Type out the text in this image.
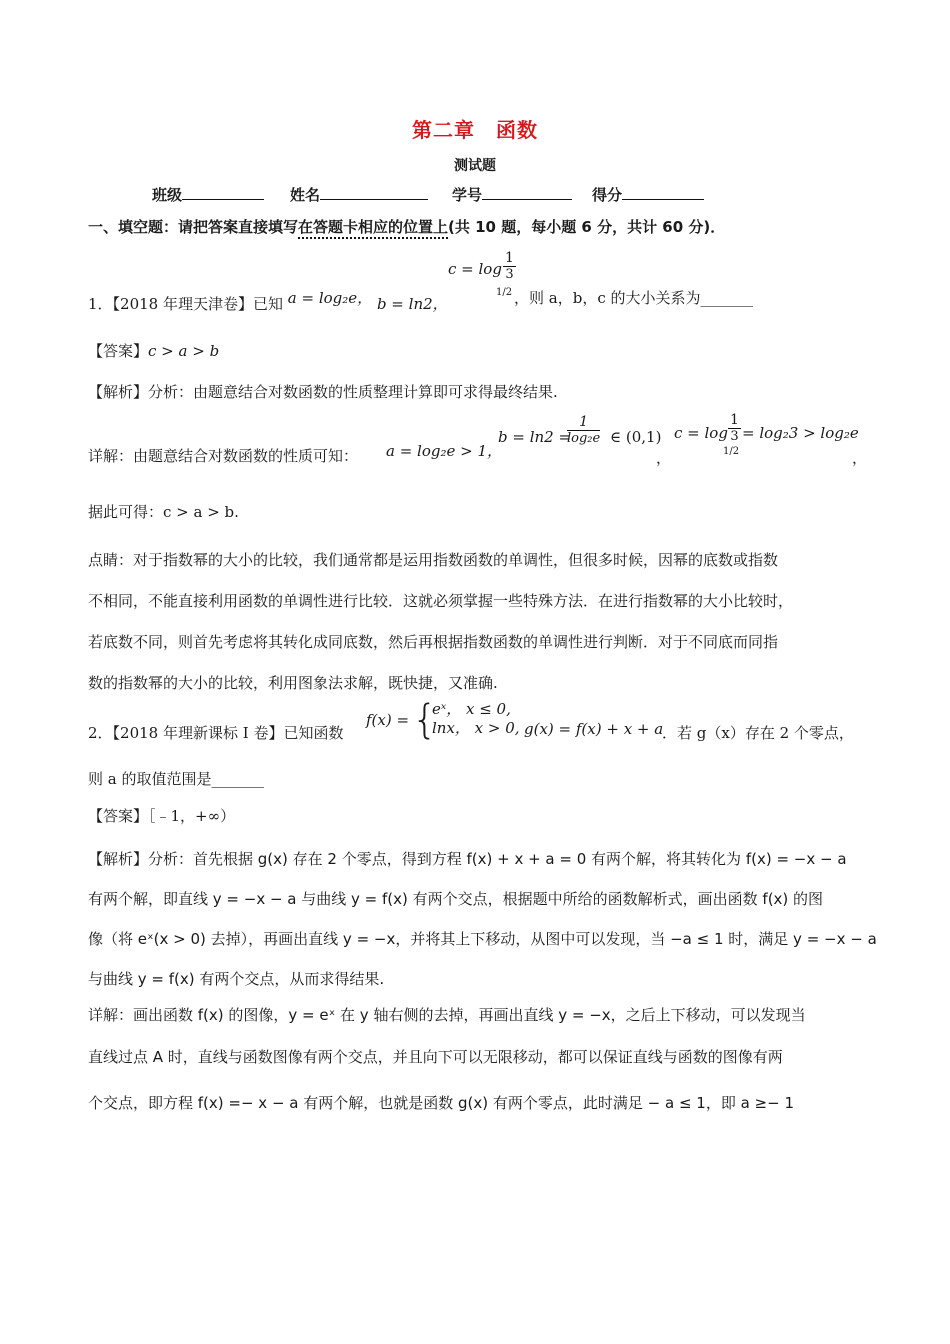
第二章　函数
测试题
班级	姓名	学号	得分
一、填空题：请把答案直接填写在答题卡相应的位置上(共 10 题，每小题 6 分，共计 60 分)．
1．【2018 年理天津卷】已知 a = log₂e， b = ln2，
$c = \log \frac{1}{3}$
1/2 ，则 a，b，c 的大小关系为_______
【答案】c > a > b
【解析】分析：由题意结合对数函数的性质整理计算即可求得最终结果.
详解：由题意结合对数函数的性质可知： a = log₂e > 1，
b = ln2 =
$\frac{1}{\text{log₂e}}$ ∈ (0,1)
，
$c = \log \frac{1}{3}$
1/2
= log₂3 > log₂e
，
据此可得：c > a > b.
点睛：对于指数幂的大小的比较，我们通常都是运用指数函数的单调性，但很多时候，因幂的底数或指数
不相同，不能直接利用函数的单调性进行比较．这就必须掌握一些特殊方法．在进行指数幂的大小比较时，
若底数不同，则首先考虑将其转化成同底数，然后再根据指数函数的单调性进行判断．对于不同底而同指
数的指数幂的大小的比较，利用图象法求解，既快捷，又准确.
2．【2018 年理新课标 I 卷】已知函数
f(x) = {
eˣ， x ≤ 0,
lnx， x > 0, g(x) = f(x) + x + a
．若 g（x）存在 2 个零点，
则 a 的取值范围是_______
【答案】［﹣1，+∞）
【解析】分析：首先根据 g(x) 存在 2 个零点，得到方程 f(x) + x + a = 0 有两个解，将其转化为 f(x) = −x − a
有两个解，即直线 y = −x − a 与曲线 y = f(x) 有两个交点，根据题中所给的函数解析式，画出函数 f(x) 的图
像（将 eˣ(x > 0) 去掉），再画出直线 y = −x，并将其上下移动，从图中可以发现，当 −a ≤ 1 时，满足 y = −x − a
与曲线 y = f(x) 有两个交点，从而求得结果.
详解：画出函数 f(x) 的图像，y = eˣ 在 y 轴右侧的去掉，再画出直线 y = −x，之后上下移动，可以发现当
直线过点 A 时，直线与函数图像有两个交点，并且向下可以无限移动，都可以保证直线与函数的图像有两
个交点，即方程 f(x) =− x − a 有两个解，也就是函数 g(x) 有两个零点，此时满足 − a ≤ 1，即 a ≥− 1
